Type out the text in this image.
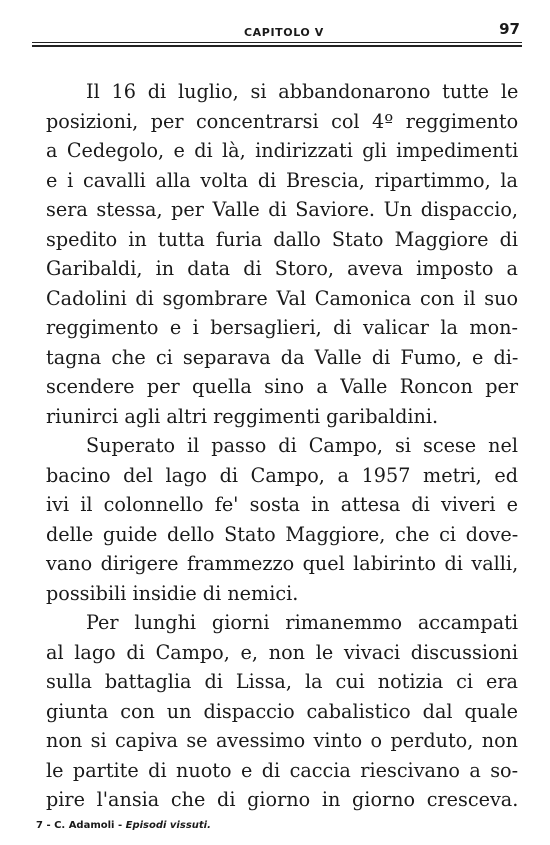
CAPITOLO V	97
Il 16 di luglio, si abbandonarono tutte le
posizioni, per concentrarsi col 4º reggimento
a Cedegolo, e di là, indirizzati gli impedimenti
e i cavalli alla volta di Brescia, ripartimmo, la
sera stessa, per Valle di Saviore. Un dispaccio,
spedito in tutta furia dallo Stato Maggiore di
Garibaldi, in data di Storo, aveva imposto a
Cadolini di sgombrare Val Camonica con il suo
reggimento e i bersaglieri, di valicar la mon-
tagna che ci separava da Valle di Fumo, e di-
scendere per quella sino a Valle Roncon per
riunirci agli altri reggimenti garibaldini.
Superato il passo di Campo, si scese nel
bacino del lago di Campo, a 1957 metri, ed
ivi il colonnello fe' sosta in attesa di viveri e
delle guide dello Stato Maggiore, che ci dove-
vano dirigere frammezzo quel labirinto di valli,
possibili insidie di nemici.
Per lunghi giorni rimanemmo accampati
al lago di Campo, e, non le vivaci discussioni
sulla battaglia di Lissa, la cui notizia ci era
giunta con un dispaccio cabalistico dal quale
non si capiva se avessimo vinto o perduto, non
le partite di nuoto e di caccia riescivano a so-
pire l'ansia che di giorno in giorno cresceva.
7 - C. Adamoli - Episodi vissuti.
